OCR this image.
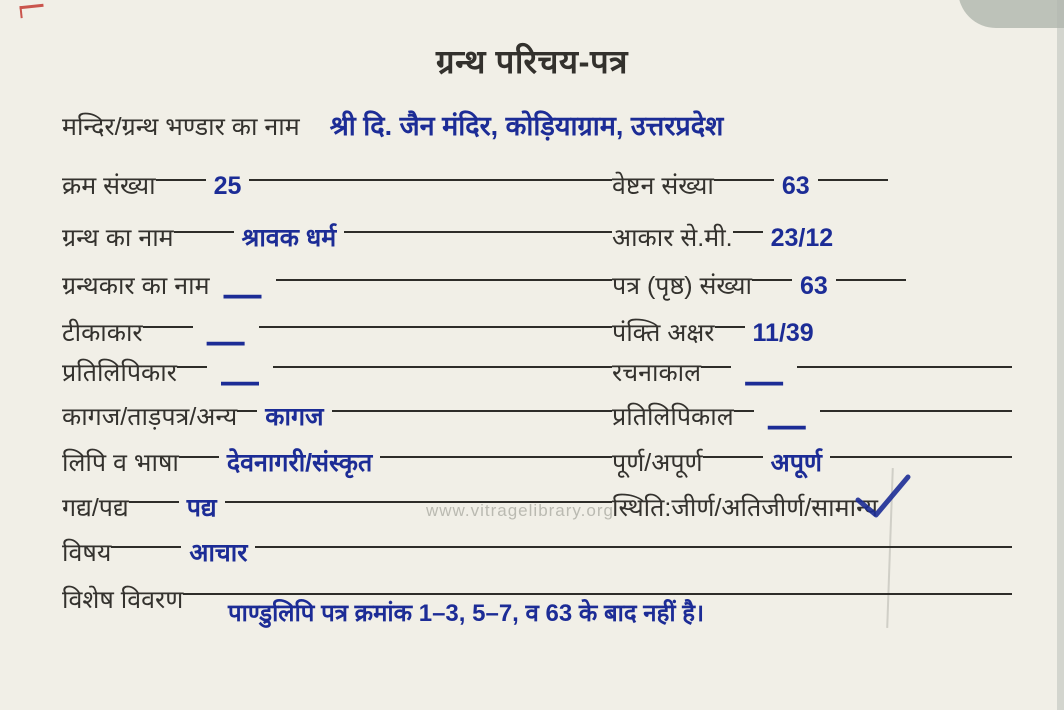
ग्रन्थ परिचय-पत्र
मन्दिर/ग्रन्थ भण्डार का नाम श्री दि. जैन मंदिर, कोड़ियाग्राम, उत्तरप्रदेश
क्रम संख्या	25	वेष्टन संख्या	63
ग्रन्थ का नाम	श्रावक धर्म	आकार से.मी.	23/12
ग्रन्थकार का नाम —	पत्र (पृष्ठ) संख्या	63
टीकाकार	—	पंक्ति अक्षर	11/39
प्रतिलिपिकार	—	रचनाकाल	—
कागज/ताड़पत्र/अन्य	कागज	प्रतिलिपिकाल —
लिपि व भाषा	देवनागरी/संस्कृत	पूर्ण/अपूर्ण	अपूर्ण
गद्य/पद्य	पद्य	स्थिति:जीर्ण/अतिजीर्ण/सामान्य
विषय	आचार
विशेष विवरण पाण्डुलिपि पत्र क्रमांक 1–3, 5–7, व 63 के बाद नहीं है।
www.vitragelibrary.org
